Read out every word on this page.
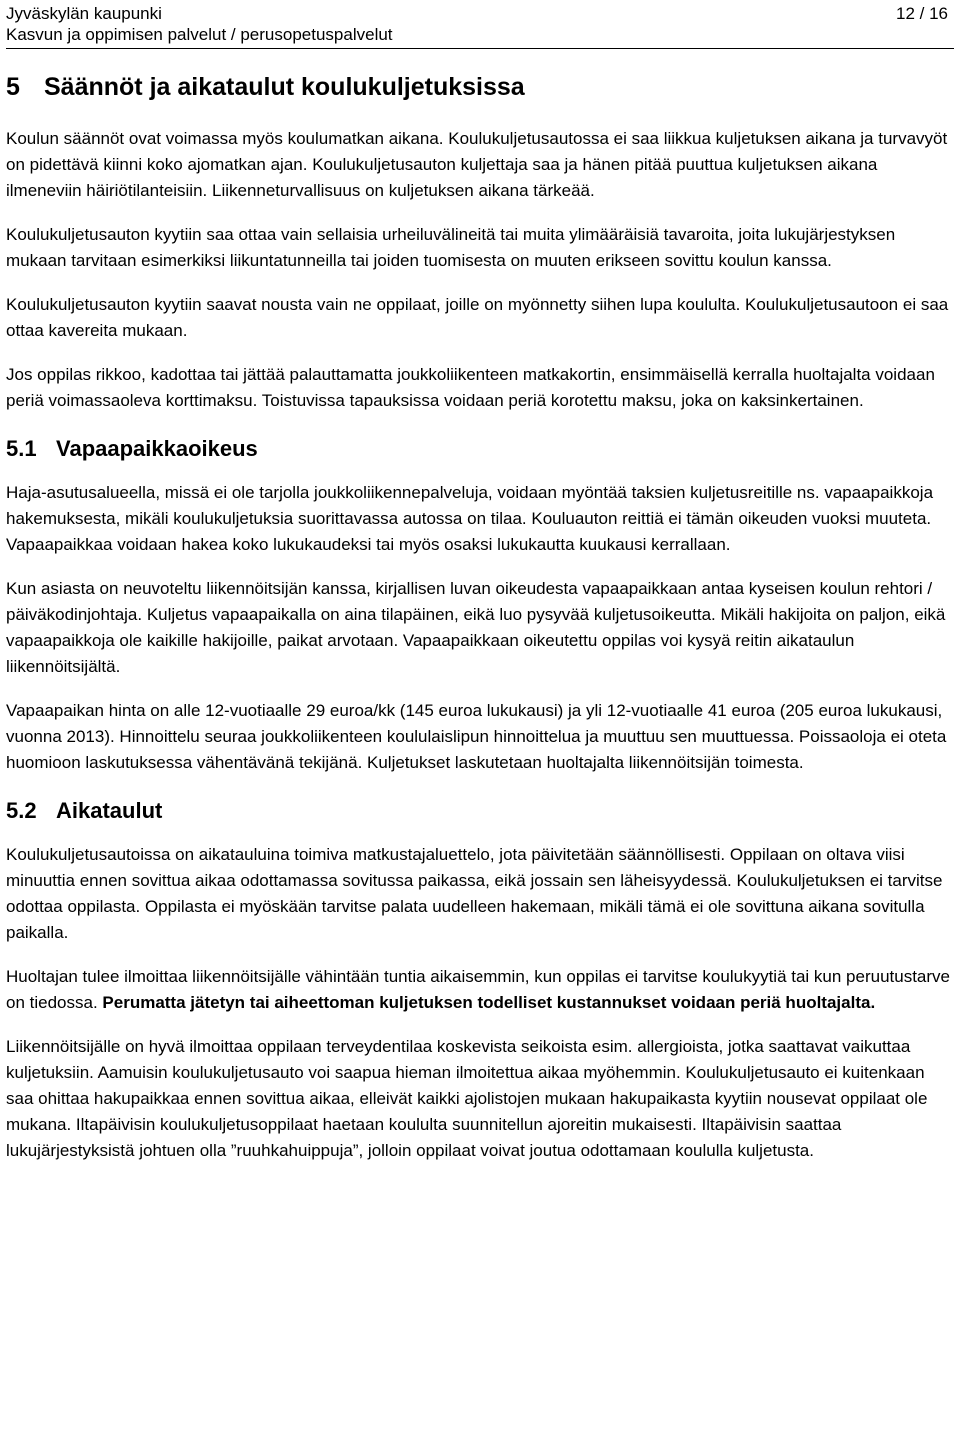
Jyväskylän kaupunki
Kasvun ja oppimisen palvelut / perusopetuspalvelut
12 / 16
5 Säännöt ja aikataulut koulukuljetuksissa

Koulun säännöt ovat voimassa myös koulumatkan aikana. Koulukuljetusautossa ei saa liikkua kuljetuksen aikana ja turvavyöt on pidettävä kiinni koko ajomatkan ajan. Koulukuljetusauton kuljettaja saa ja hänen pitää puuttua kuljetuksen aikana ilmeneviin häiriötilanteisiin. Liikenneturvallisuus on kuljetuksen aikana tärkeää.

Koulukuljetusauton kyytiin saa ottaa vain sellaisia urheiluvälineitä tai muita ylimääräisiä tavaroita, joita lukujärjestyksen mukaan tarvitaan esimerkiksi liikuntatunneilla tai joiden tuomisesta on muuten erikseen sovittu koulun kanssa.

Koulukuljetusauton kyytiin saavat nousta vain ne oppilaat, joille on myönnetty siihen lupa koululta. Koulukuljetusautoon ei saa ottaa kavereita mukaan.

Jos oppilas rikkoo, kadottaa tai jättää palauttamatta joukkoliikenteen matkakortin, ensimmäisellä kerralla huoltajalta voidaan periä voimassaoleva korttimaksu. Toistuvissa tapauksissa voidaan periä korotettu maksu, joka on kaksinkertainen.

5.1 Vapaapaikkaoikeus

Haja-asutusalueella, missä ei ole tarjolla joukkoliikennepalveluja, voidaan myöntää taksien kuljetusreitille ns. vapaapaikkoja hakemuksesta, mikäli koulukuljetuksia suorittavassa autossa on tilaa. Kouluauton reittiä ei tämän oikeuden vuoksi muuteta. Vapaapaikkaa voidaan hakea koko lukukaudeksi tai myös osaksi lukukautta kuukausi kerrallaan.

Kun asiasta on neuvoteltu liikennöitsijän kanssa, kirjallisen luvan oikeudesta vapaapaikkaan antaa kyseisen koulun rehtori / päiväkodinjohtaja. Kuljetus vapaapaikalla on aina tilapäinen, eikä luo pysyvää kuljetusoikeutta. Mikäli hakijoita on paljon, eikä vapaapaikkoja ole kaikille hakijoille, paikat arvotaan. Vapaapaikkaan oikeutettu oppilas voi kysyä reitin aikataulun liikennöitsijältä.

Vapaapaikan hinta on alle 12-vuotiaalle 29 euroa/kk (145 euroa lukukausi) ja yli 12-vuotiaalle 41 euroa (205 euroa lukukausi, vuonna 2013). Hinnoittelu seuraa joukkoliikenteen koululaislipun hinnoittelua ja muuttuu sen muuttuessa. Poissaoloja ei oteta huomioon laskutuksessa vähentävänä tekijänä. Kuljetukset laskutetaan huoltajalta liikennöitsijän toimesta.

5.2 Aikataulut

Koulukuljetusautoissa on aikatauluina toimiva matkustajaluettelo, jota päivitetään säännöllisesti. Oppilaan on oltava viisi minuuttia ennen sovittua aikaa odottamassa sovitussa paikassa, eikä jossain sen läheisyydessä. Koulukuljetuksen ei tarvitse odottaa oppilasta. Oppilasta ei myöskään tarvitse palata uudelleen hakemaan, mikäli tämä ei ole sovittuna aikana sovitulla paikalla.

Huoltajan tulee ilmoittaa liikennöitsijälle vähintään tuntia aikaisemmin, kun oppilas ei tarvitse koulukyytiä tai kun peruutustarve on tiedossa. Perumatta jätetyn tai aiheettoman kuljetuksen todelliset kustannukset voidaan periä huoltajalta.

Liikennöitsijälle on hyvä ilmoittaa oppilaan terveydentilaa koskevista seikoista esim. allergioista, jotka saattavat vaikuttaa kuljetuksiin. Aamuisin koulukuljetusauto voi saapua hieman ilmoitettua aikaa myöhemmin. Koulukuljetusauto ei kuitenkaan saa ohittaa hakupaikkaa ennen sovittua aikaa, elleivät kaikki ajolistojen mukaan hakupaikasta kyytiin nousevat oppilaat ole mukana. Iltapäivisin koulukuljetusoppilaat haetaan koululta suunnitellun ajoreitin mukaisesti. Iltapäivisin saattaa lukujärjestyksistä johtuen olla ”ruuhkahuippuja”, jolloin oppilaat voivat joutua odottamaan koululla kuljetusta.
